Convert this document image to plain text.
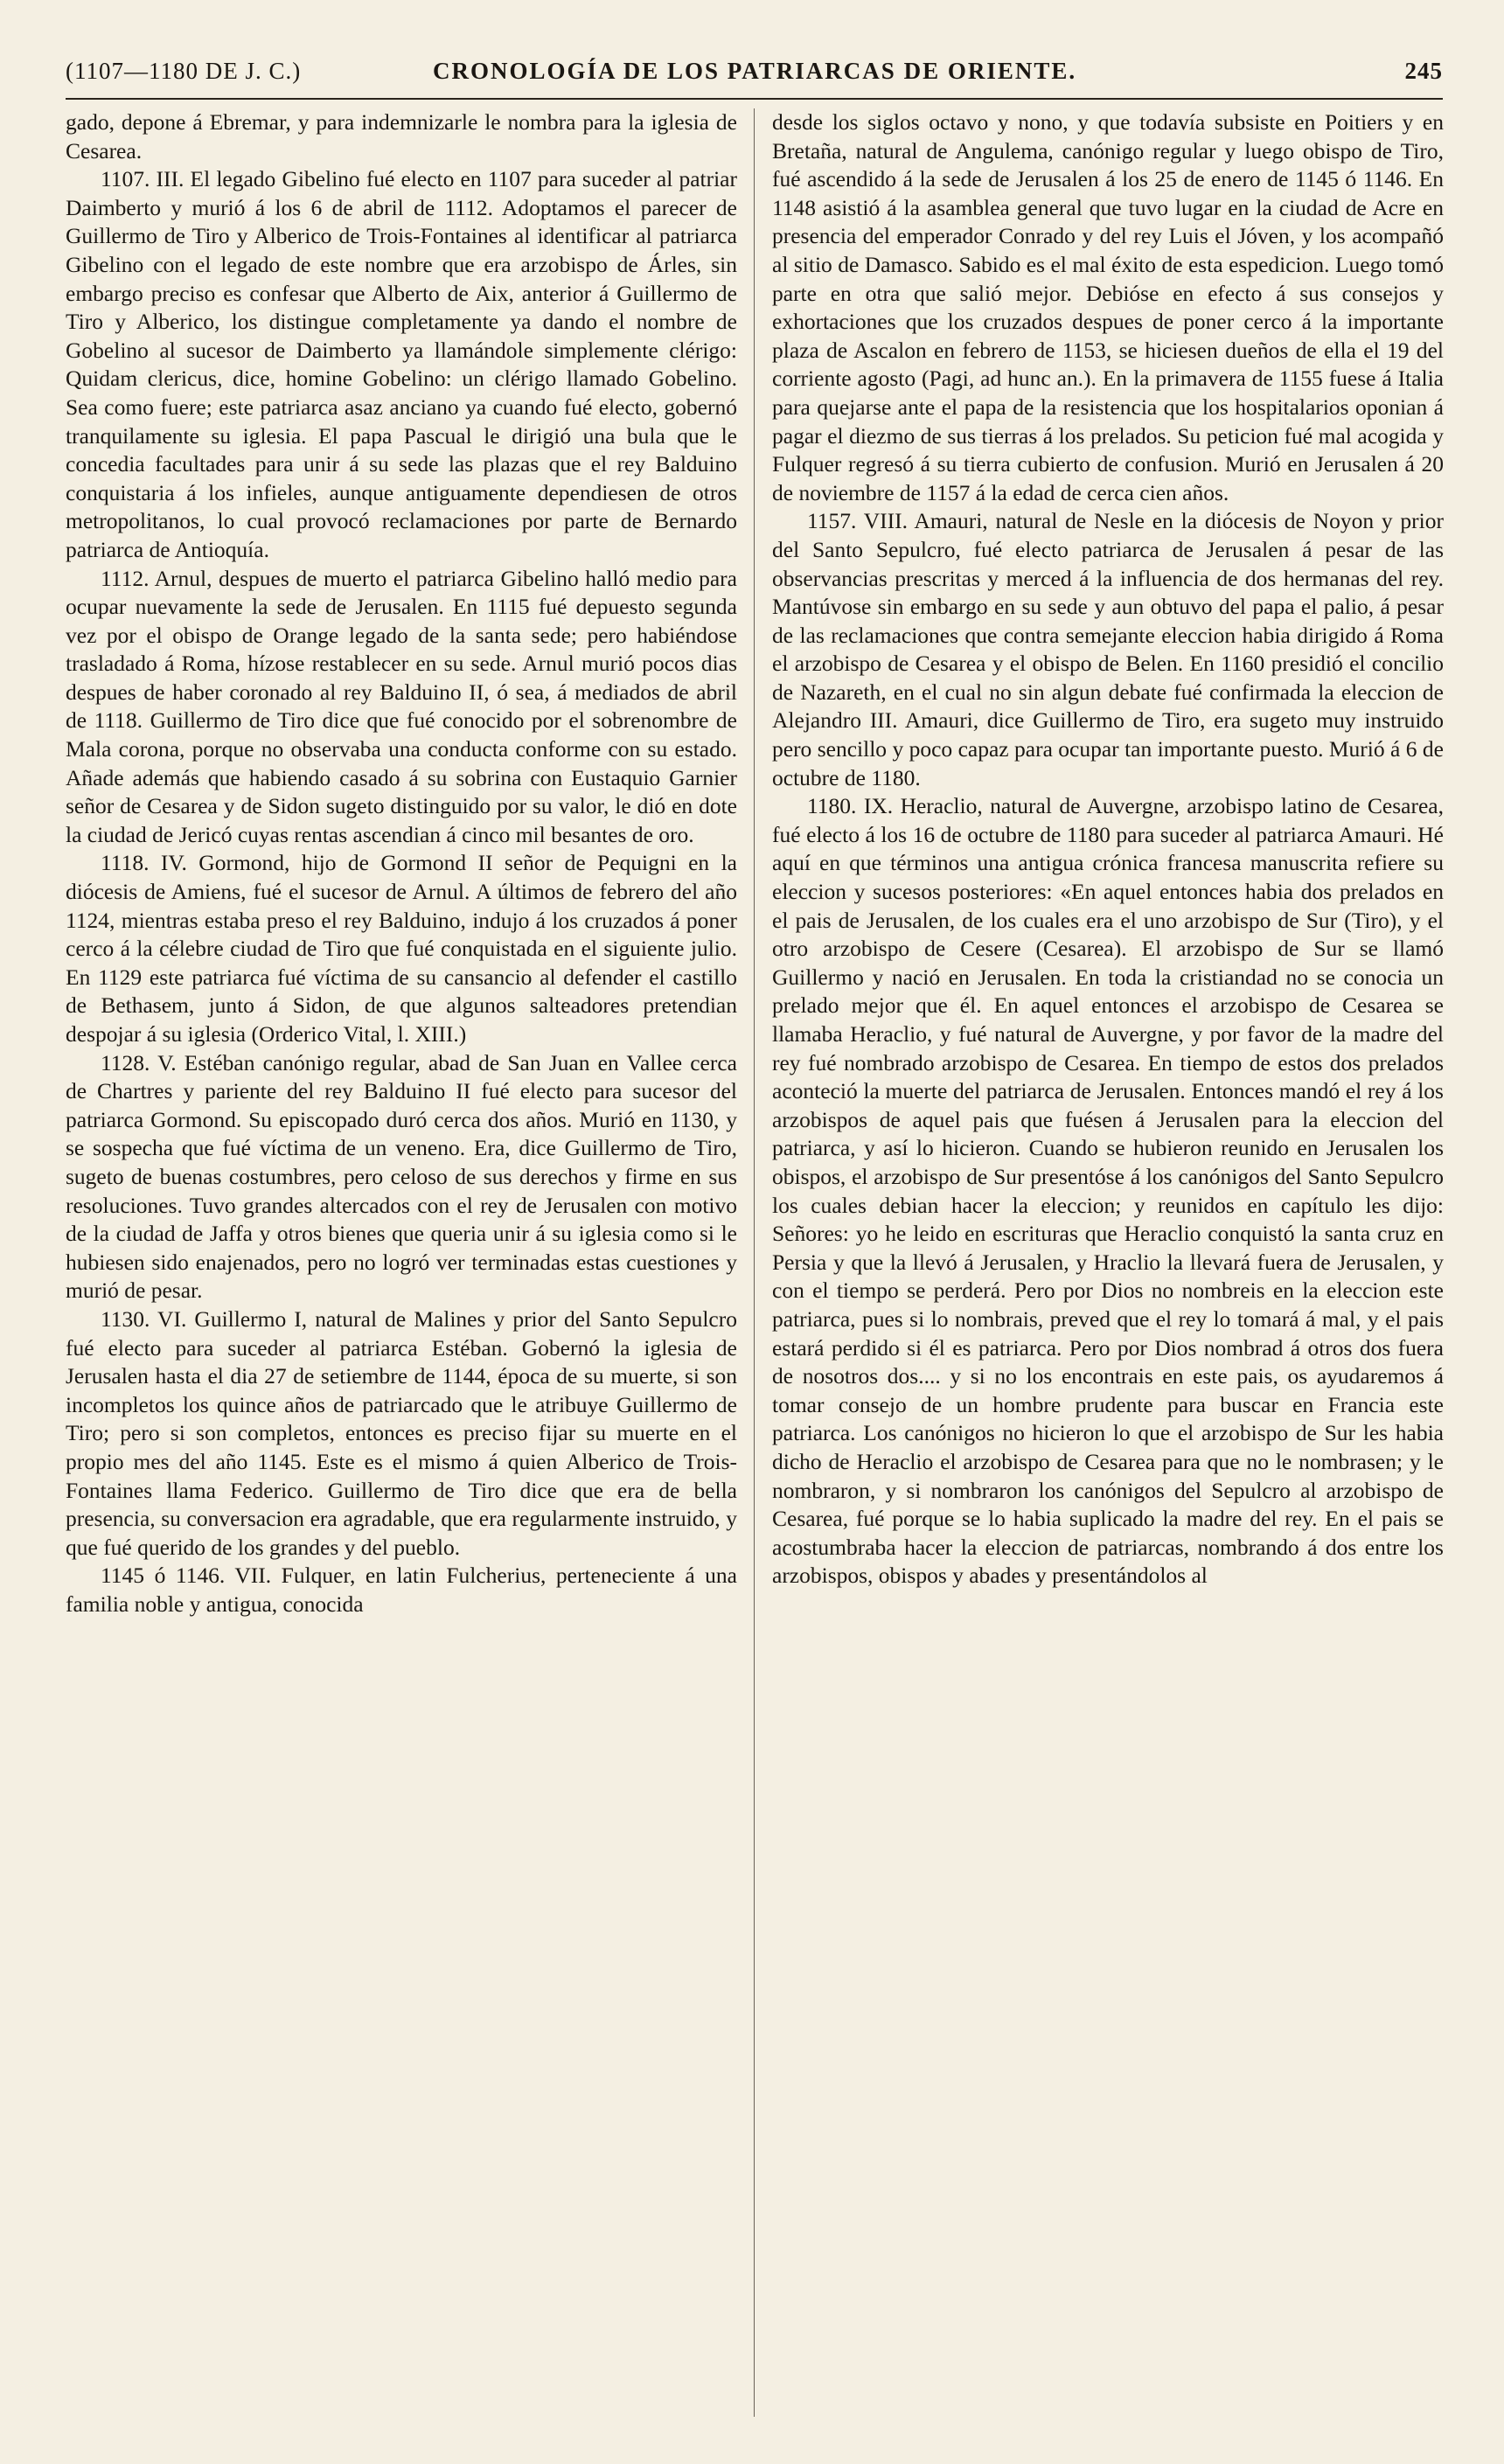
(1107—1180 DE J. C.)	CRONOLOGÍA DE LOS PATRIARCAS DE ORIENTE.	245

gado, depone á Ebremar, y para indemnizarle le nombra para la iglesia de Cesarea.

1107. III. El legado Gibelino fué electo en 1107 para suceder al patriar Daimberto y murió á los 6 de abril de 1112. Adoptamos el parecer de Guillermo de Tiro y Alberico de Trois-Fontaines al identificar al patriarca Gibelino con el legado de este nombre que era arzobispo de Árles, sin embargo preciso es confesar que Alberto de Aix, anterior á Guillermo de Tiro y Alberico, los distingue completamente ya dando el nombre de Gobelino al sucesor de Daimberto ya llamándole simplemente clérigo: Quidam clericus, dice, homine Gobelino: un clérigo llamado Gobelino. Sea como fuere; este patriarca asaz anciano ya cuando fué electo, gobernó tranquilamente su iglesia. El papa Pascual le dirigió una bula que le concedia facultades para unir á su sede las plazas que el rey Balduino conquistaria á los infieles, aunque antiguamente dependiesen de otros metropolitanos, lo cual provocó reclamaciones por parte de Bernardo patriarca de Antioquía.

1112. Arnul, despues de muerto el patriarca Gibelino halló medio para ocupar nuevamente la sede de Jerusalen. En 1115 fué depuesto segunda vez por el obispo de Orange legado de la santa sede; pero habiéndose trasladado á Roma, hízose restablecer en su sede. Arnul murió pocos dias despues de haber coronado al rey Balduino II, ó sea, á mediados de abril de 1118. Guillermo de Tiro dice que fué conocido por el sobrenombre de Mala corona, porque no observaba una conducta conforme con su estado. Añade además que habiendo casado á su sobrina con Eustaquio Garnier señor de Cesarea y de Sidon sugeto distinguido por su valor, le dió en dote la ciudad de Jericó cuyas rentas ascendian á cinco mil besantes de oro.

1118. IV. Gormond, hijo de Gormond II señor de Pequigni en la diócesis de Amiens, fué el sucesor de Arnul. A últimos de febrero del año 1124, mientras estaba preso el rey Balduino, indujo á los cruzados á poner cerco á la célebre ciudad de Tiro que fué conquistada en el siguiente julio. En 1129 este patriarca fué víctima de su cansancio al defender el castillo de Bethasem, junto á Sidon, de que algunos salteadores pretendian despojar á su iglesia (Orderico Vital, l. XIII.)

1128. V. Estéban canónigo regular, abad de San Juan en Vallee cerca de Chartres y pariente del rey Balduino II fué electo para sucesor del patriarca Gormond. Su episcopado duró cerca dos años. Murió en 1130, y se sospecha que fué víctima de un veneno. Era, dice Guillermo de Tiro, sugeto de buenas costumbres, pero celoso de sus derechos y firme en sus resoluciones. Tuvo grandes altercados con el rey de Jerusalen con motivo de la ciudad de Jaffa y otros bienes que queria unir á su iglesia como si le hubiesen sido enajenados, pero no logró ver terminadas estas cuestiones y murió de pesar.

1130. VI. Guillermo I, natural de Malines y prior del Santo Sepulcro fué electo para suceder al patriarca Estéban. Gobernó la iglesia de Jerusalen hasta el dia 27 de setiembre de 1144, época de su muerte, si son incompletos los quince años de patriarcado que le atribuye Guillermo de Tiro; pero si son completos, entonces es preciso fijar su muerte en el propio mes del año 1145. Este es el mismo á quien Alberico de Trois-Fontaines llama Federico. Guillermo de Tiro dice que era de bella presencia, su conversacion era agradable, que era regularmente instruido, y que fué querido de los grandes y del pueblo.

1145 ó 1146. VII. Fulquer, en latin Fulcherius, perteneciente á una familia noble y antigua, conocida

desde los siglos octavo y nono, y que todavía subsiste en Poitiers y en Bretaña, natural de Angulema, canónigo regular y luego obispo de Tiro, fué ascendido á la sede de Jerusalen á los 25 de enero de 1145 ó 1146. En 1148 asistió á la asamblea general que tuvo lugar en la ciudad de Acre en presencia del emperador Conrado y del rey Luis el Jóven, y los acompañó al sitio de Damasco. Sabido es el mal éxito de esta espedicion. Luego tomó parte en otra que salió mejor. Debióse en efecto á sus consejos y exhortaciones que los cruzados despues de poner cerco á la importante plaza de Ascalon en febrero de 1153, se hiciesen dueños de ella el 19 del corriente agosto (Pagi, ad hunc an.). En la primavera de 1155 fuese á Italia para quejarse ante el papa de la resistencia que los hospitalarios oponian á pagar el diezmo de sus tierras á los prelados. Su peticion fué mal acogida y Fulquer regresó á su tierra cubierto de confusion. Murió en Jerusalen á 20 de noviembre de 1157 á la edad de cerca cien años.

1157. VIII. Amauri, natural de Nesle en la diócesis de Noyon y prior del Santo Sepulcro, fué electo patriarca de Jerusalen á pesar de las observancias prescritas y merced á la influencia de dos hermanas del rey. Mantúvose sin embargo en su sede y aun obtuvo del papa el palio, á pesar de las reclamaciones que contra semejante eleccion habia dirigido á Roma el arzobispo de Cesarea y el obispo de Belen. En 1160 presidió el concilio de Nazareth, en el cual no sin algun debate fué confirmada la eleccion de Alejandro III. Amauri, dice Guillermo de Tiro, era sugeto muy instruido pero sencillo y poco capaz para ocupar tan importante puesto. Murió á 6 de octubre de 1180.

1180. IX. Heraclio, natural de Auvergne, arzobispo latino de Cesarea, fué electo á los 16 de octubre de 1180 para suceder al patriarca Amauri. Hé aquí en que términos una antigua crónica francesa manuscrita refiere su eleccion y sucesos posteriores: «En aquel entonces habia dos prelados en el pais de Jerusalen, de los cuales era el uno arzobispo de Sur (Tiro), y el otro arzobispo de Cesere (Cesarea). El arzobispo de Sur se llamó Guillermo y nació en Jerusalen. En toda la cristiandad no se conocia un prelado mejor que él. En aquel entonces el arzobispo de Cesarea se llamaba Heraclio, y fué natural de Auvergne, y por favor de la madre del rey fué nombrado arzobispo de Cesarea. En tiempo de estos dos prelados aconteció la muerte del patriarca de Jerusalen. Entonces mandó el rey á los arzobispos de aquel pais que fuésen á Jerusalen para la eleccion del patriarca, y así lo hicieron. Cuando se hubieron reunido en Jerusalen los obispos, el arzobispo de Sur presentóse á los canónigos del Santo Sepulcro los cuales debian hacer la eleccion; y reunidos en capítulo les dijo: Señores: yo he leido en escrituras que Heraclio conquistó la santa cruz en Persia y que la llevó á Jerusalen, y Hraclio la llevará fuera de Jerusalen, y con el tiempo se perderá. Pero por Dios no nombreis en la eleccion este patriarca, pues si lo nombrais, preved que el rey lo tomará á mal, y el pais estará perdido si él es patriarca. Pero por Dios nombrad á otros dos fuera de nosotros dos.... y si no los encontrais en este pais, os ayudaremos á tomar consejo de un hombre prudente para buscar en Francia este patriarca. Los canónigos no hicieron lo que el arzobispo de Sur les habia dicho de Heraclio el arzobispo de Cesarea para que no le nombrasen; y le nombraron, y si nombraron los canónigos del Sepulcro al arzobispo de Cesarea, fué porque se lo habia suplicado la madre del rey. En el pais se acostumbraba hacer la eleccion de patriarcas, nombrando á dos entre los arzobispos, obispos y abades y presentándolos al
